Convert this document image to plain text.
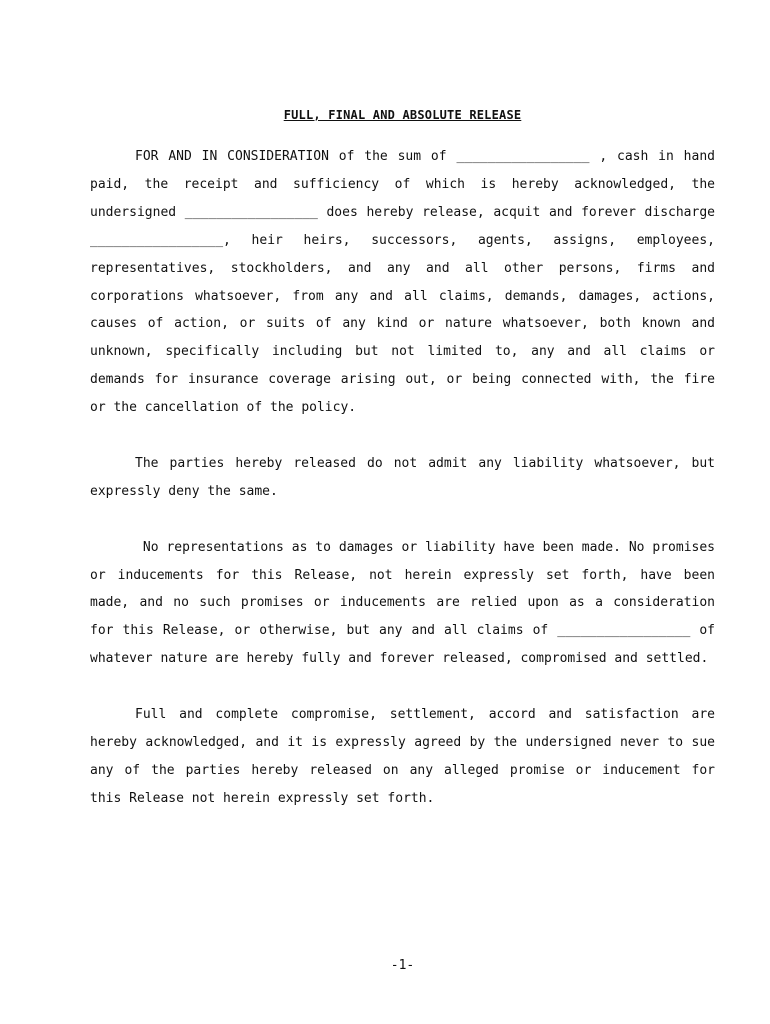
FULL, FINAL AND ABSOLUTE RELEASE

FOR AND IN CONSIDERATION of the sum of _________________ , cash in hand paid, the receipt and sufficiency of which is hereby acknowledged, the undersigned _________________ does hereby release, acquit and forever discharge _________________, heir heirs, successors, agents, assigns, employees, representatives, stockholders, and any and all other persons, firms and corporations whatsoever, from any and all claims, demands, damages, actions, causes of action, or suits of any kind or nature whatsoever, both known and unknown, specifically including but not limited to, any and all claims or demands for insurance coverage arising out, or being connected with, the fire or the cancellation of the policy.

The parties hereby released do not admit any liability whatsoever, but expressly deny the same.

No representations as to damages or liability have been made. No promises or inducements for this Release, not herein expressly set forth, have been made, and no such promises or inducements are relied upon as a consideration for this Release, or otherwise, but any and all claims of _________________ of whatever nature are hereby fully and forever released, compromised and settled.

Full and complete compromise, settlement, accord and satisfaction are hereby acknowledged, and it is expressly agreed by the undersigned never to sue any of the parties hereby released on any alleged promise or inducement for this Release not herein expressly set forth.

-1-
